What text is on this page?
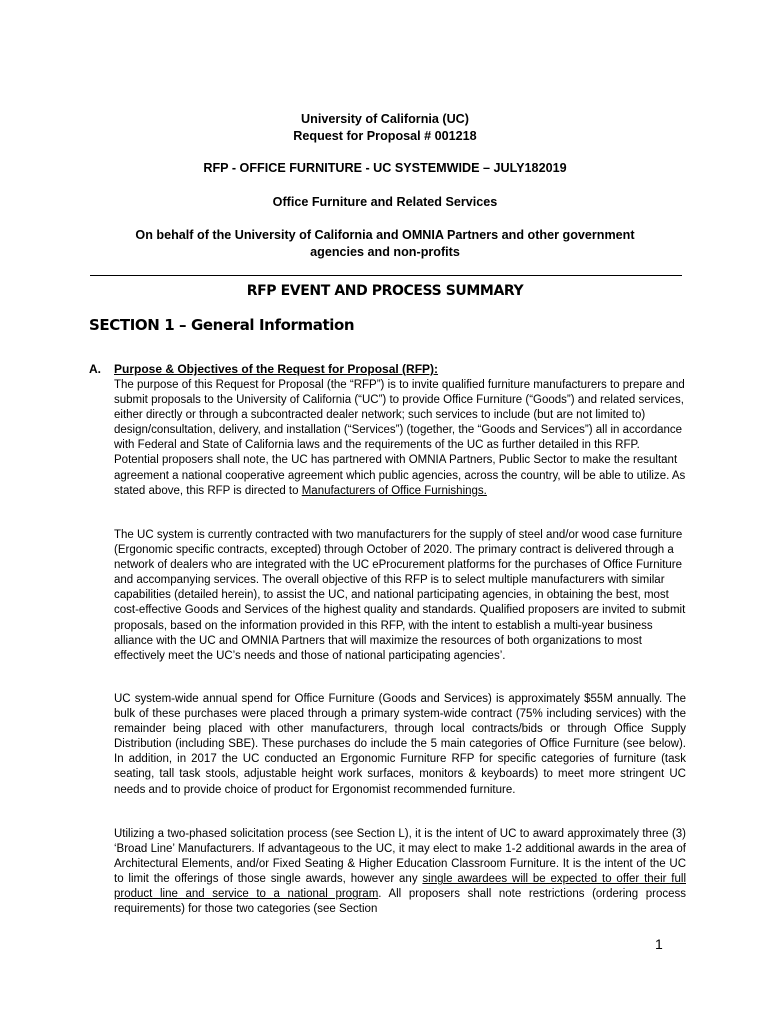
University of California (UC)

Request for Proposal # 001218

RFP - OFFICE FURNITURE - UC SYSTEMWIDE – JULY182019

Office Furniture and Related Services

On behalf of the University of California and OMNIA Partners and other government

agencies and non-profits

RFP EVENT AND PROCESS SUMMARY

SECTION 1 – General Information

A. Purpose & Objectives of the Request for Proposal (RFP):

The purpose of this Request for Proposal (the “RFP”) is to invite qualified furniture manufacturers to prepare and submit proposals to the University of California (“UC”) to provide Office Furniture (“Goods”) and related services, either directly or through a subcontracted dealer network; such services to include (but are not limited to) design/consultation, delivery, and installation (“Services”) (together, the “Goods and Services”) all in accordance with Federal and State of California laws and the requirements of the UC as further detailed in this RFP. Potential proposers shall note, the UC has partnered with OMNIA Partners, Public Sector to make the resultant agreement a national cooperative agreement which public agencies, across the country, will be able to utilize. As stated above, this RFP is directed to Manufacturers of Office Furnishings.

The UC system is currently contracted with two manufacturers for the supply of steel and/or wood case furniture (Ergonomic specific contracts, excepted) through October of 2020. The primary contract is delivered through a network of dealers who are integrated with the UC eProcurement platforms for the purchases of Office Furniture and accompanying services. The overall objective of this RFP is to select multiple manufacturers with similar capabilities (detailed herein), to assist the UC, and national participating agencies, in obtaining the best, most cost-effective Goods and Services of the highest quality and standards. Qualified proposers are invited to submit proposals, based on the information provided in this RFP, with the intent to establish a multi-year business alliance with the UC and OMNIA Partners that will maximize the resources of both organizations to most effectively meet the UC’s needs and those of national participating agencies’.

UC system-wide annual spend for Office Furniture (Goods and Services) is approximately $55M annually. The bulk of these purchases were placed through a primary system-wide contract (75% including services) with the remainder being placed with other manufacturers, through local contracts/bids or through Office Supply Distribution (including SBE). These purchases do include the 5 main categories of Office Furniture (see below). In addition, in 2017 the UC conducted an Ergonomic Furniture RFP for specific categories of furniture (task seating, tall task stools, adjustable height work surfaces, monitors & keyboards) to meet more stringent UC needs and to provide choice of product for Ergonomist recommended furniture.

Utilizing a two-phased solicitation process (see Section L), it is the intent of UC to award approximately three (3) ‘Broad Line’ Manufacturers. If advantageous to the UC, it may elect to make 1-2 additional awards in the area of Architectural Elements, and/or Fixed Seating & Higher Education Classroom Furniture. It is the intent of the UC to limit the offerings of those single awards, however any single awardees will be expected to offer their full product line and service to a national program. All proposers shall note restrictions (ordering process requirements) for those two categories (see Section

1
